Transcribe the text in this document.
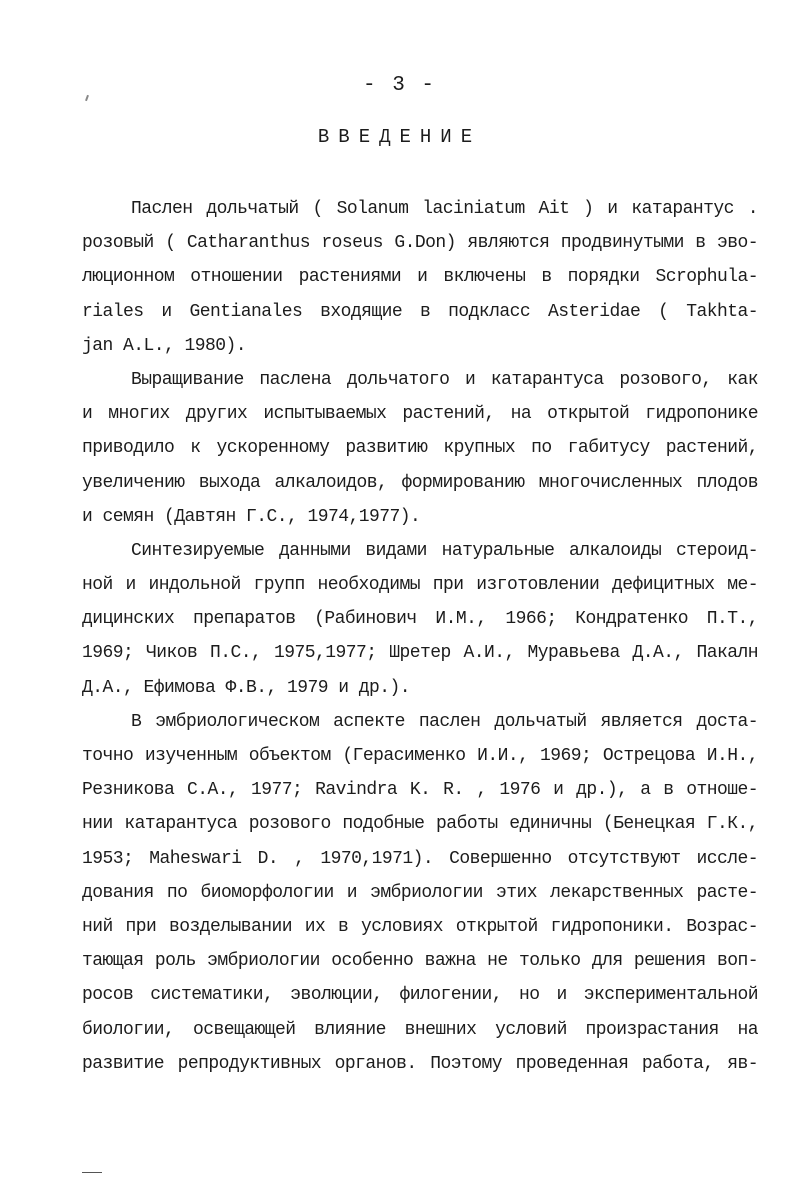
- 3 -
ВВЕДЕНИЕ
Паслен дольчатый ( Solanum laciniatum Ait ) и катарантус .
розовый ( Catharanthus roseus G.Don) являются продвинутыми в эво-
люционном отношении растениями и включены в порядки Scrophula-
riales и Gentianales входящие в подкласс Asteridae ( Takhta-
jan A.L., 1980).
Выращивание паслена дольчатого и катарантуса розового, как
и многих других испытываемых растений, на открытой гидропонике
приводило к ускоренному развитию крупных по габитусу растений,
увеличению выхода алкалоидов, формированию многочисленных плодов
и семян (Давтян Г.С., 1974,1977).
Синтезируемые данными видами натуральные алкалоиды стероид-
ной и индольной групп необходимы при изготовлении дефицитных ме-
дицинских препаратов (Рабинович И.М., 1966; Кондратенко П.Т.,
1969; Чиков П.С., 1975,1977; Шретер А.И., Муравьева Д.А., Пакалн
Д.А., Ефимова Ф.В., 1979 и др.).
В эмбриологическом аспекте паслен дольчатый является доста-
точно изученным объектом (Герасименко И.И., 1969; Острецова И.Н.,
Резникова С.А., 1977; Ravindra K. R. , 1976 и др.), а в отноше-
нии катарантуса розового подобные работы единичны (Бенецкая Г.К.,
1953; Maheswari D. , 1970,1971). Совершенно отсутствуют иссле-
дования по биоморфологии и эмбриологии этих лекарственных расте-
ний при возделывании их в условиях открытой гидропоники. Возрас-
тающая роль эмбриологии особенно важна не только для решения воп-
росов систематики, эволюции, филогении, но и экспериментальной
биологии, освещающей влияние внешних условий произрастания на
развитие репродуктивных органов. Поэтому проведенная работа, яв-
